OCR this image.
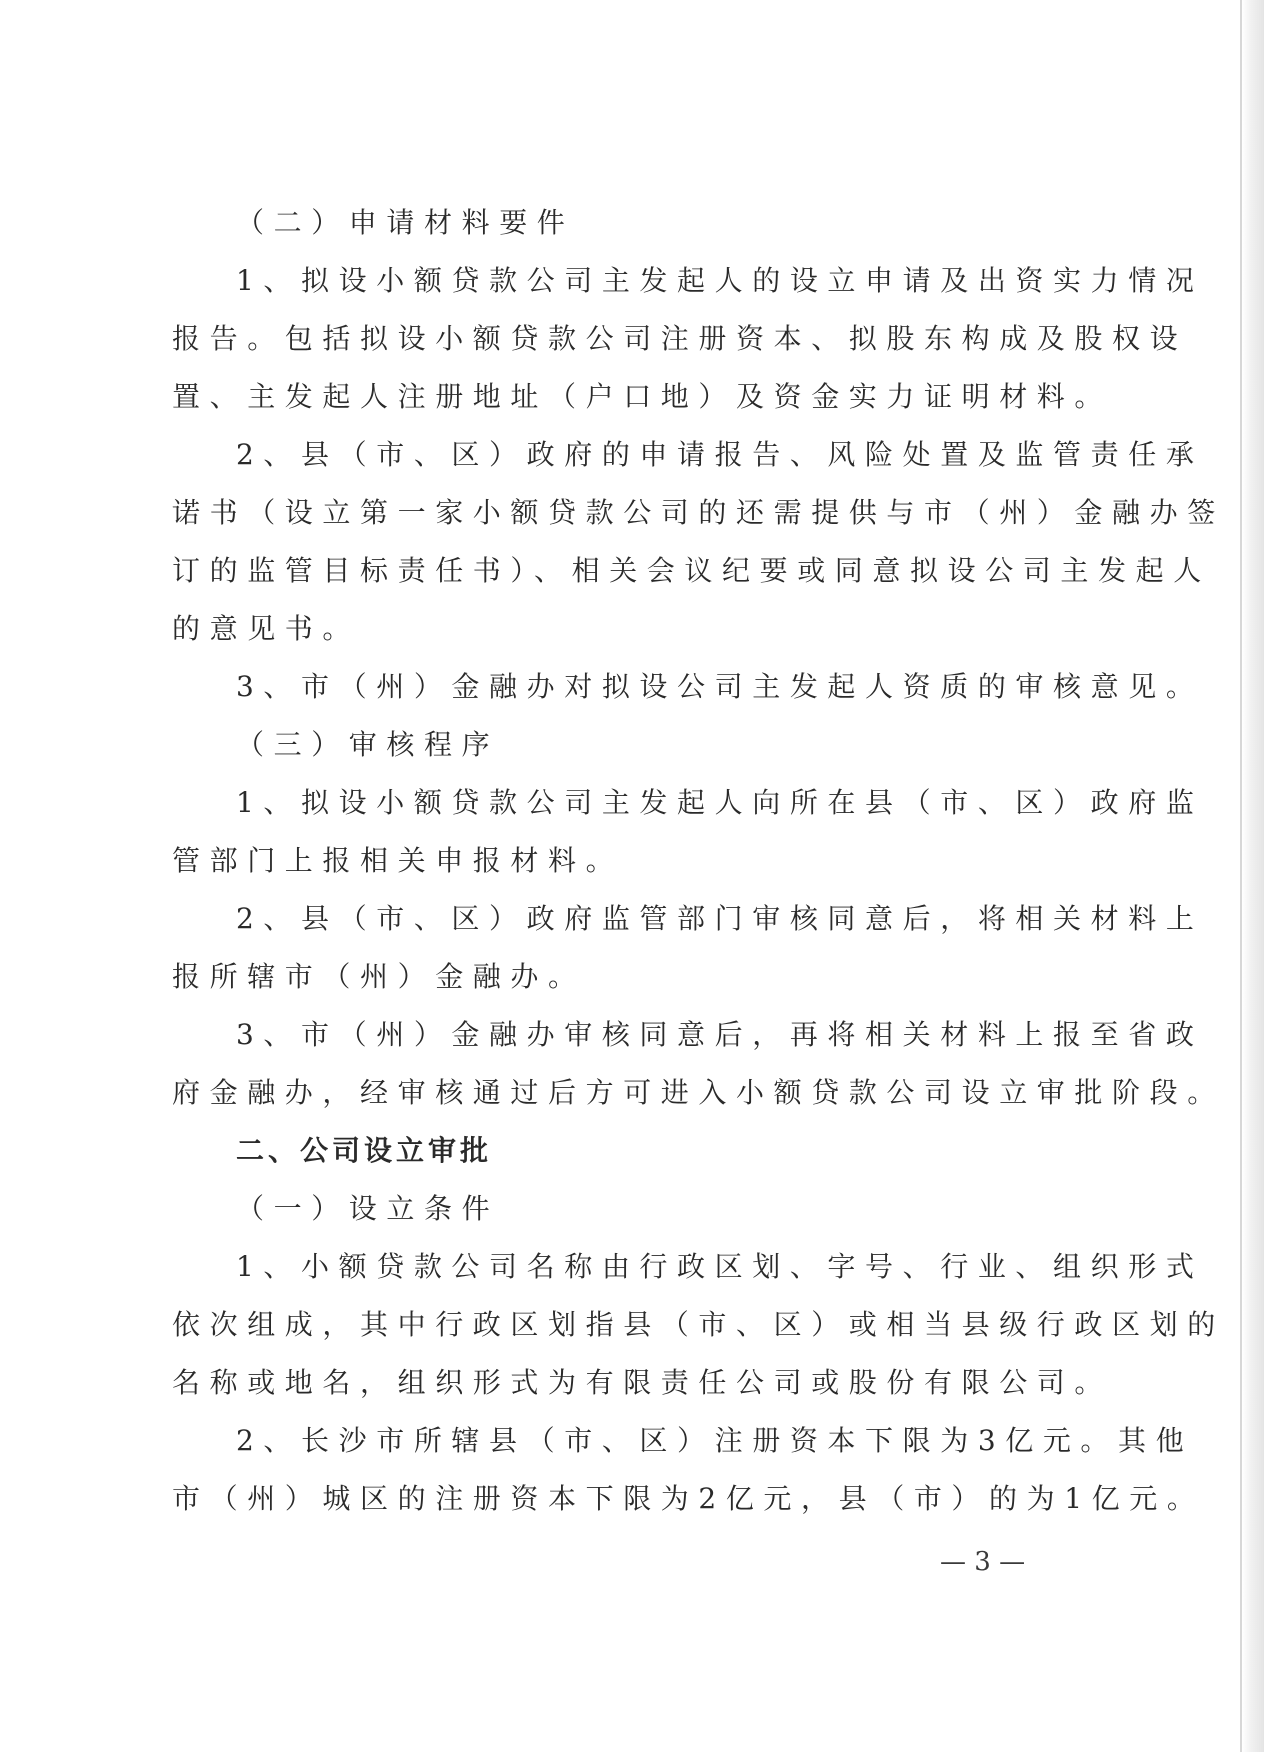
（二）申请材料要件
1、拟设小额贷款公司主发起人的设立申请及出资实力情况
报告。包括拟设小额贷款公司注册资本、拟股东构成及股权设
置、主发起人注册地址（户口地）及资金实力证明材料。
2、县（市、区）政府的申请报告、风险处置及监管责任承
诺书（设立第一家小额贷款公司的还需提供与市（州）金融办签
订的监管目标责任书）、相关会议纪要或同意拟设公司主发起人
的意见书。
3、市（州）金融办对拟设公司主发起人资质的审核意见。
（三）审核程序
1、拟设小额贷款公司主发起人向所在县（市、区）政府监
管部门上报相关申报材料。
2、县（市、区）政府监管部门审核同意后，将相关材料上
报所辖市（州）金融办。
3、市（州）金融办审核同意后，再将相关材料上报至省政
府金融办，经审核通过后方可进入小额贷款公司设立审批阶段。
二、公司设立审批
（一）设立条件
1、小额贷款公司名称由行政区划、字号、行业、组织形式
依次组成，其中行政区划指县（市、区）或相当县级行政区划的
名称或地名，组织形式为有限责任公司或股份有限公司。
2、长沙市所辖县（市、区）注册资本下限为3亿元。其他
市（州）城区的注册资本下限为2亿元，县（市）的为1亿元。
— 3 —
